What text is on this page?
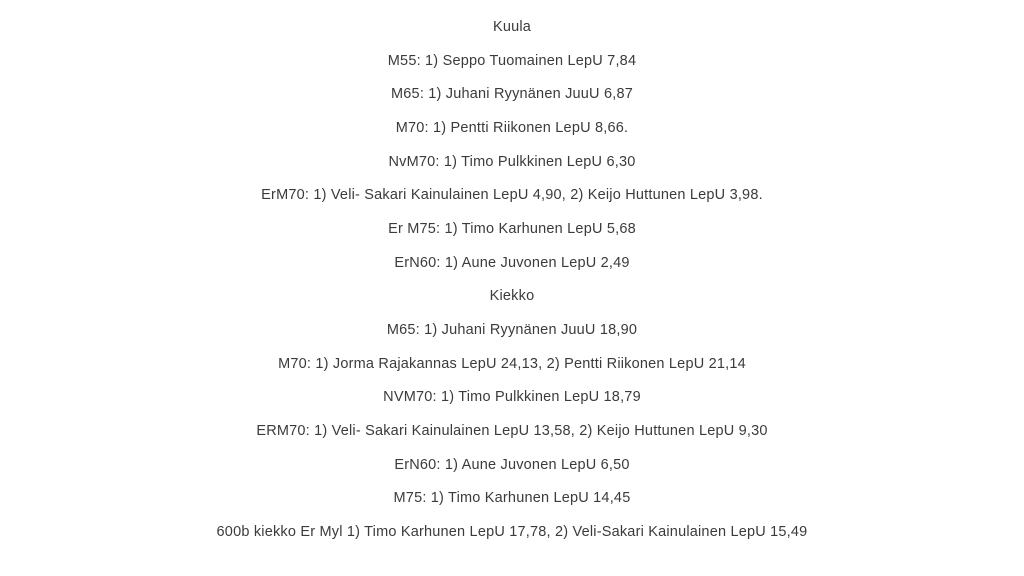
Kuula
M55: 1) Seppo Tuomainen LepU 7,84
M65: 1) Juhani Ryynänen JuuU 6,87
M70: 1) Pentti Riikonen LepU 8,66.
NvM70: 1) Timo Pulkkinen LepU 6,30
ErM70: 1) Veli- Sakari Kainulainen LepU 4,90, 2) Keijo Huttunen LepU 3,98.
Er M75: 1) Timo Karhunen LepU 5,68
ErN60: 1) Aune Juvonen LepU 2,49
Kiekko
M65: 1) Juhani Ryynänen JuuU 18,90
M70: 1) Jorma Rajakannas LepU 24,13, 2) Pentti Riikonen LepU 21,14
NVM70: 1) Timo Pulkkinen LepU 18,79
ERM70: 1) Veli- Sakari Kainulainen LepU 13,58, 2) Keijo Huttunen LepU 9,30
ErN60: 1) Aune Juvonen LepU 6,50
M75: 1) Timo Karhunen LepU 14,45
600b kiekko Er Myl 1) Timo Karhunen LepU 17,78, 2) Veli-Sakari Kainulainen LepU 15,49
